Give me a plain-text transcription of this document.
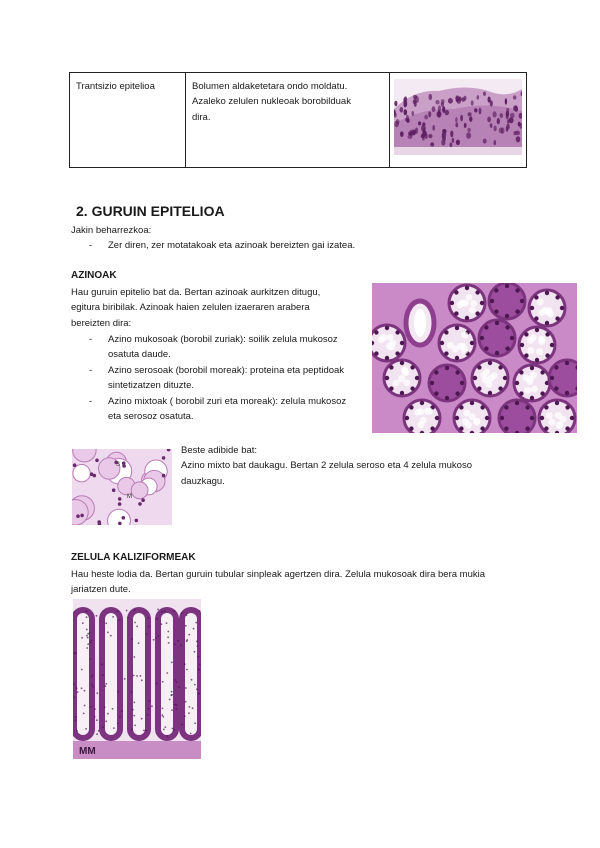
Trantsizio epitelioa	Bolumen aldaketetara ondo moldatu.
Azaleko zelulen nukleoak borobilduak
dira.

2. GURUIN EPITELIOA
Jakin beharrezkoa:
- Zer diren, zer motatakoak eta azinoak bereizten gai izatea.
AZINOAK
Hau guruin epitelio bat da. Bertan azinoak aurkitzen ditugu,
egitura biribilak. Azinoak haien zelulen izaeraren arabera
bereizten dira:
- Azino mukosoak (borobil zuriak): soilik zelula mukosoz
osatuta daude.
- Azino serosoak (borobil moreak): proteina eta peptidoak
sintetizatzen dituzte.
- Azino mixtoak ( borobil zuri eta moreak): zelula mukosoz
eta serosoz osatuta.
S
M
Beste adibide bat:
Azino mixto bat daukagu. Bertan 2 zelula seroso eta 4 zelula mukoso
dauzkagu.
ZELULA KALIZIFORMEAK
Hau heste lodia da. Bertan guruin tubular sinpleak agertzen dira. Zelula mukosoak dira bera mukia
jariatzen dute.
MM
